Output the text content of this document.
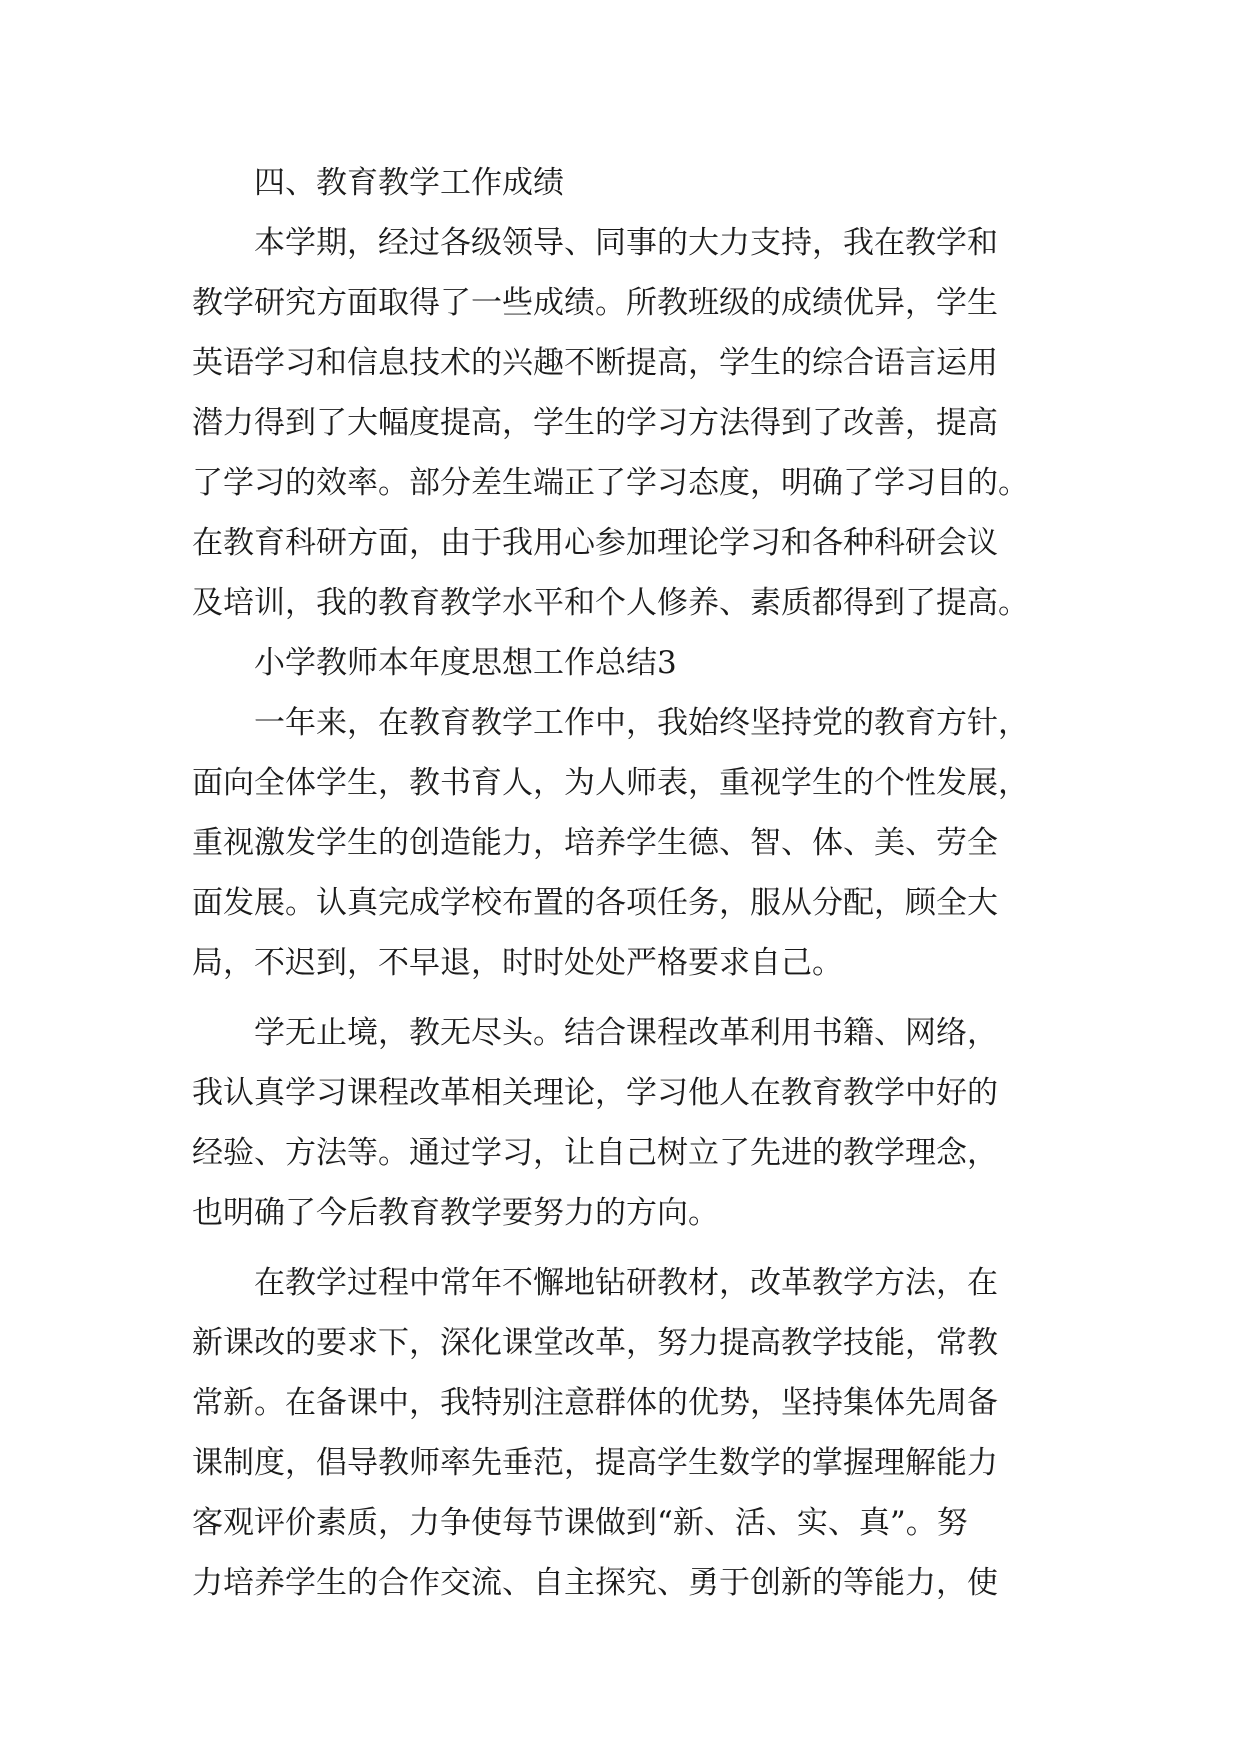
四、教育教学工作成绩

本学期，经过各级领导、同事的大力支持，我在教学和
教学研究方面取得了一些成绩。所教班级的成绩优异，学生
英语学习和信息技术的兴趣不断提高，学生的综合语言运用
潜力得到了大幅度提高，学生的学习方法得到了改善，提高
了学习的效率。部分差生端正了学习态度，明确了学习目的。
在教育科研方面，由于我用心参加理论学习和各种科研会议
及培训，我的教育教学水平和个人修养、素质都得到了提高。

小学教师本年度思想工作总结3

一年来，在教育教学工作中，我始终坚持党的教育方针，
面向全体学生，教书育人，为人师表，重视学生的个性发展，
重视激发学生的创造能力，培养学生德、智、体、美、劳全
面发展。认真完成学校布置的各项任务，服从分配，顾全大
局，不迟到，不早退，时时处处严格要求自己。

学无止境，教无尽头。结合课程改革利用书籍、网络，
我认真学习课程改革相关理论，学习他人在教育教学中好的
经验、方法等。通过学习，让自己树立了先进的教学理念，
也明确了今后教育教学要努力的方向。

在教学过程中常年不懈地钻研教材，改革教学方法，在
新课改的要求下，深化课堂改革，努力提高教学技能，常教
常新。在备课中，我特别注意群体的优势，坚持集体先周备
课制度，倡导教师率先垂范，提高学生数学的掌握理解能力
客观评价素质，力争使每节课做到“新、活、实、真”。努
力培养学生的合作交流、自主探究、勇于创新的等能力，使
